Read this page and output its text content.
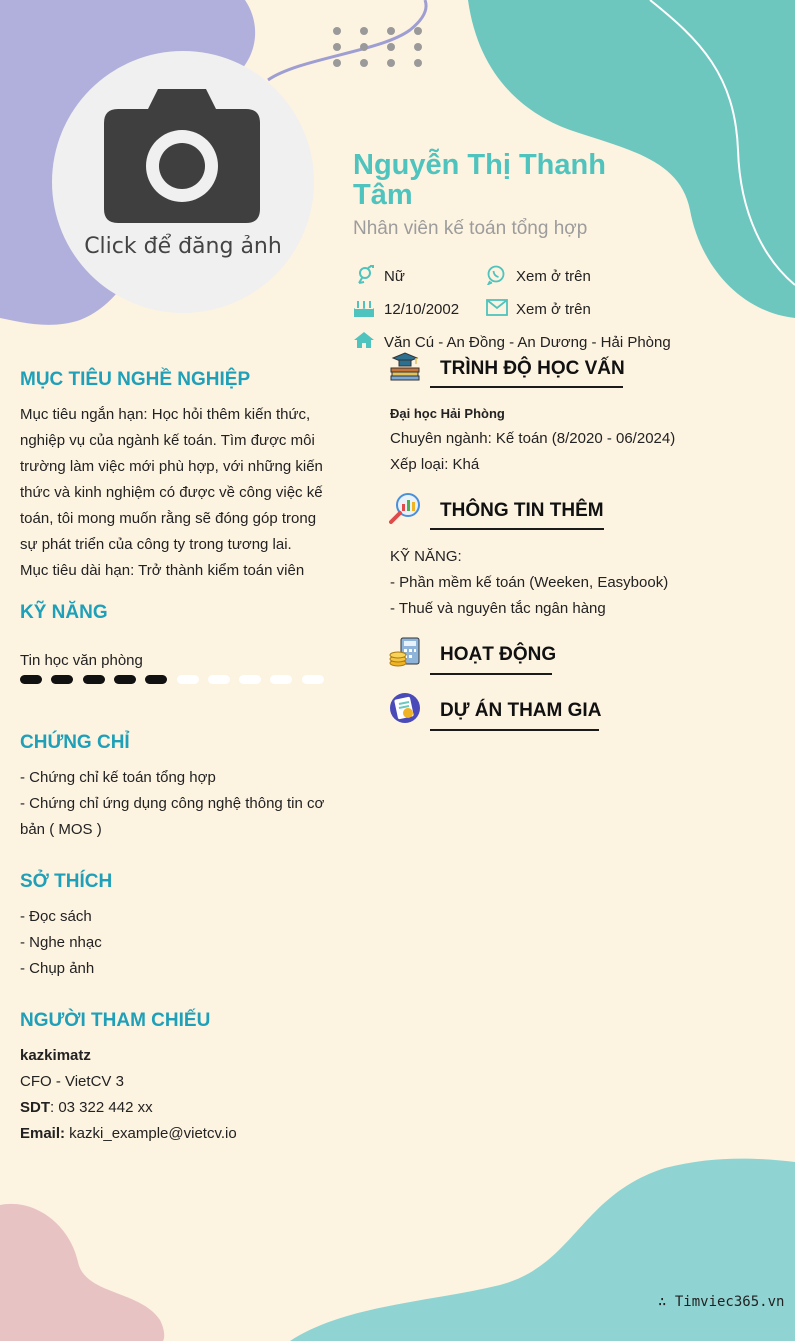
Click để đăng ảnh
Nguyễn Thị Thanh Tâm
Nhân viên kế toán tổng hợp
Nữ	Xem ở trên
12/10/2002	Xem ở trên
Văn Cú - An Đồng - An Dương - Hải Phòng
MỤC TIÊU NGHỀ NGHIỆP
Mục tiêu ngắn hạn: Học hỏi thêm kiến thức,
nghiệp vụ của ngành kế toán. Tìm được môi
trường làm việc mới phù hợp, với những kiến
thức và kinh nghiệm có được về công việc kế
toán, tôi mong muốn rằng sẽ đóng góp trong
sự phát triển của công ty trong tương lai.
Mục tiêu dài hạn: Trở thành kiểm toán viên
KỸ NĂNG
Tin học văn phòng
CHỨNG CHỈ
- Chứng chỉ kế toán tổng hợp
- Chứng chỉ ứng dụng công nghệ thông tin cơ
bản ( MOS )
SỞ THÍCH
- Đọc sách
- Nghe nhạc
- Chụp ảnh
NGƯỜI THAM CHIẾU
kazkimatz
CFO - VietCV 3
SDT: 03 322 442 xx
Email: kazki_example@vietcv.io
TRÌNH ĐỘ HỌC VẤN
Đại học Hải Phòng
Chuyên ngành: Kế toán (8/2020 - 06/2024)
Xếp loại: Khá
THÔNG TIN THÊM
KỸ NĂNG:
- Phần mềm kế toán (Weeken, Easybook)
- Thuế và nguyên tắc ngân hàng
HOẠT ĐỘNG
DỰ ÁN THAM GIA
∴ Timviec365.vn
